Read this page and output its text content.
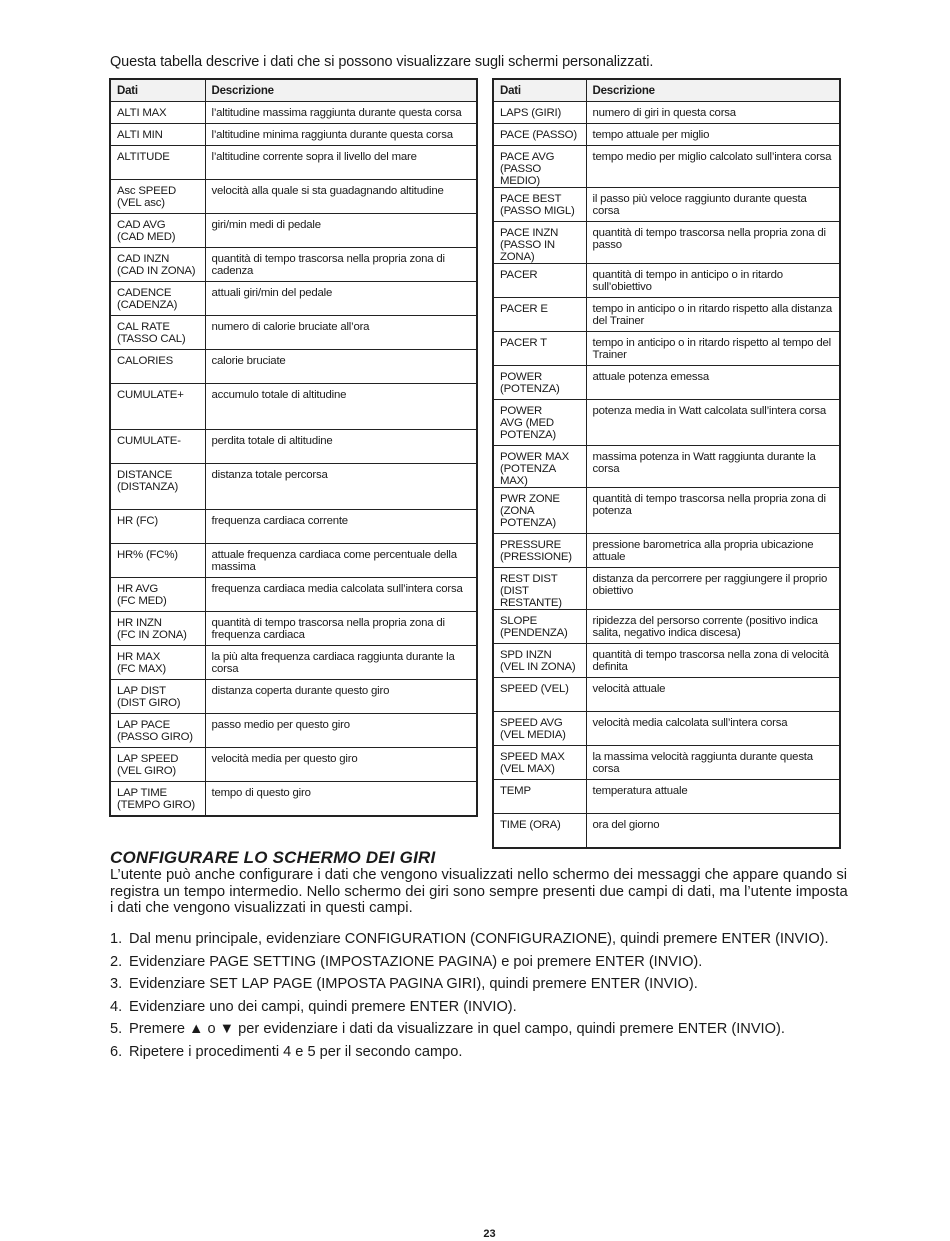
Questa tabella descrive i dati che si possono visualizzare sugli schermi personalizzati.
Dati	Descrizione
ALTI MAX	l’altitudine massima raggiunta durante questa corsa
ALTI MIN	l’altitudine minima raggiunta durante questa corsa
ALTITUDE	l’altitudine corrente sopra il livello del mare
Asc SPEED
(VEL asc)	velocità alla quale si sta guadagnando altitudine
CAD AVG
(CAD MED)	giri/min medi di pedale
CAD INZN
(CAD IN ZONA)	quantità di tempo trascorsa nella propria zona di cadenza
CADENCE
(CADENZA)	attuali giri/min del pedale
CAL RATE
(TASSO CAL)	numero di calorie bruciate all’ora
CALORIES	calorie bruciate
CUMULATE+	accumulo totale di altitudine
CUMULATE-	perdita totale di altitudine
DISTANCE
(DISTANZA)	distanza totale percorsa
HR (FC)	frequenza cardiaca corrente
HR% (FC%)	attuale frequenza cardiaca come percentuale della massima
HR AVG
(FC MED)	frequenza cardiaca media calcolata sull’intera corsa
HR INZN
(FC IN ZONA)	quantità di tempo trascorsa nella propria zona di frequenza cardiaca
HR MAX
(FC MAX)	la più alta frequenza cardiaca raggiunta durante la corsa
LAP DIST
(DIST GIRO)	distanza coperta durante questo giro
LAP PACE
(PASSO GIRO)	passo medio per questo giro
LAP SPEED (VEL GIRO)	velocità media per questo giro
LAP TIME
(TEMPO GIRO)	tempo di questo giro
Dati	Descrizione
LAPS (GIRI)	numero di giri in questa corsa
PACE (PASSO)	tempo attuale per miglio
PACE AVG
(PASSO MEDIO)	tempo medio per miglio calcolato sull’intera corsa
PACE BEST
(PASSO MIGL)	il passo più veloce raggiunto durante questa corsa
PACE INZN
(PASSO IN ZONA)	quantità di tempo trascorsa nella propria zona di passo
PACER	quantità di tempo in anticipo o in ritardo sull’obiettivo
PACER E	tempo in anticipo o in ritardo rispetto alla distanza del Trainer
PACER T	tempo in anticipo o in ritardo rispetto al tempo del Trainer
POWER
(POTENZA)	attuale potenza emessa
POWER
AVG (MED
POTENZA)	potenza media in Watt calcolata sull’intera corsa
POWER MAX
(POTENZA MAX)	massima potenza in Watt raggiunta durante la corsa
PWR ZONE
(ZONA
POTENZA)	quantità di tempo trascorsa nella propria zona di potenza
PRESSURE
(PRESSIONE)	pressione barometrica alla propria ubicazione attuale
REST DIST (DIST RESTANTE)	distanza da percorrere per raggiungere il proprio obiettivo
SLOPE
(PENDENZA)	ripidezza del persorso corrente (positivo indica salita, negativo indica discesa)
SPD INZN
(VEL IN ZONA)	quantità di tempo trascorsa nella zona di velocità definita
SPEED (VEL)	velocità attuale
SPEED AVG
(VEL MEDIA)	velocità media calcolata sull’intera corsa
SPEED MAX
(VEL MAX)	la massima velocità raggiunta durante questa corsa
TEMP	temperatura attuale
TIME (ORA)	ora del giorno
CONFIGURARE LO SCHERMO DEI GIRI
L’utente può anche configurare i dati che vengono visualizzati nello schermo dei messaggi che appare quando si registra un tempo intermedio. Nello schermo dei giri sono sempre presenti due campi di dati, ma l’utente imposta i dati che vengono visualizzati in questi campi.
1. Dal menu principale, evidenziare CONFIGURATION (CONFIGURAZIONE), quindi premere ENTER (INVIO).
2. Evidenziare PAGE SETTING (IMPOSTAZIONE PAGINA) e poi premere ENTER (INVIO).
3. Evidenziare SET LAP PAGE (IMPOSTA PAGINA GIRI), quindi premere ENTER (INVIO).
4. Evidenziare uno dei campi, quindi premere ENTER (INVIO).
5. Premere ▲ o ▼ per evidenziare i dati da visualizzare in quel campo, quindi premere ENTER (INVIO).
6. Ripetere i procedimenti 4 e 5 per il secondo campo.
23
